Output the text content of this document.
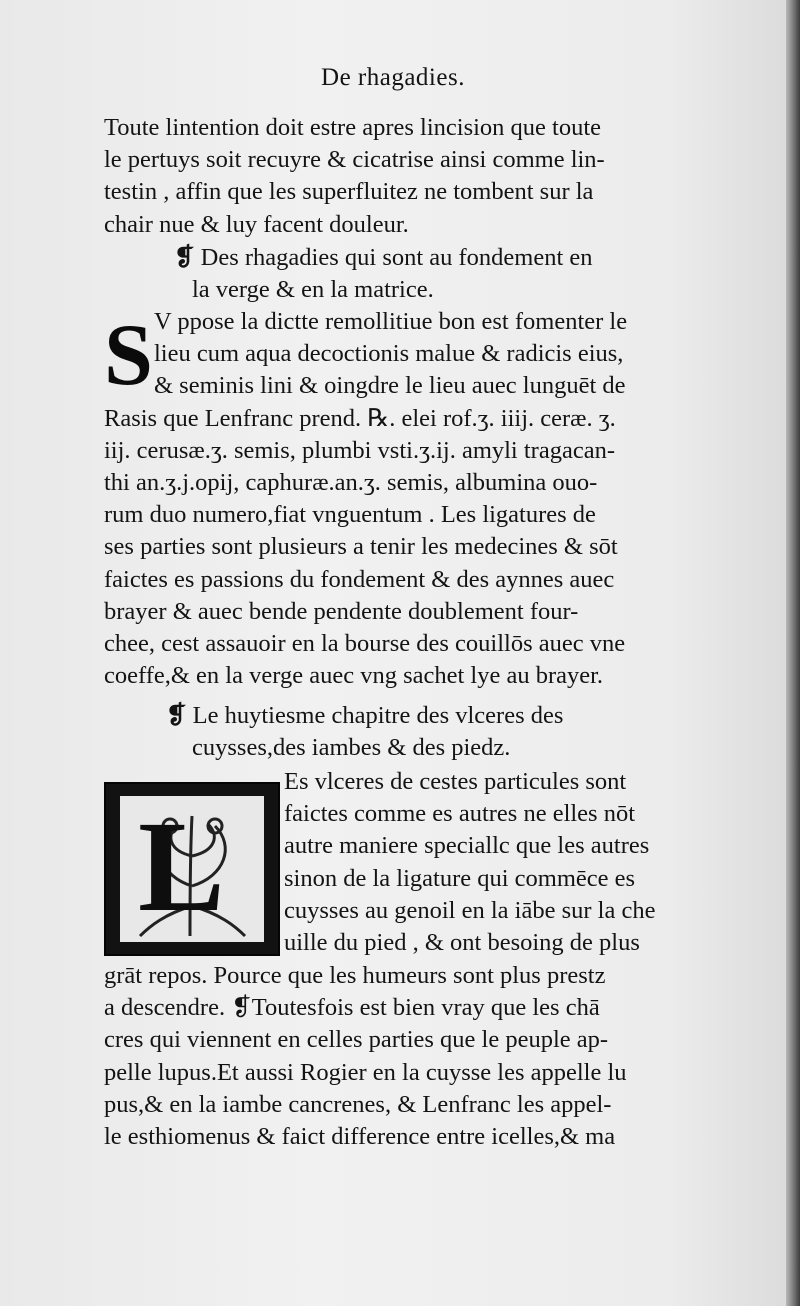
De rhagadies.
Toute lintention doit estre apres lincision que toute
le pertuys soit recuyre & cicatrise ainsi comme lin-
testin , affin que les superfluitez ne tombent sur la
chair nue & luy facent douleur.
❡ Des rhagadies qui sont au fondement en
la verge & en la matrice.
S V ppose la dictte remollitiue bon est fomenter le
lieu cum aqua decoctionis malue & radicis eius,
& seminis lini & oingdre le lieu auec lunguēt de
Rasis que Lenfranc prend. ℞. elei rof.ʒ. iiij. ceræ. ʒ.
iij. cerusæ.ʒ. semis, plumbi vsti.ʒ.ij. amyli tragacan-
thi an.ʒ.j.opij, caphuræ.an.ʒ. semis, albumina ouo-
rum duo numero,fiat vnguentum . Les ligatures de
ses parties sont plusieurs a tenir les medecines & sōt
faictes es passions du fondement & des aynnes auec
brayer & auec bende pendente doublement four-
chee, cest assauoir en la bourse des couillōs auec vne
coeffe,& en la verge auec vng sachet lye au brayer.
❡ Le huytiesme chapitre des vlceres des
cuysses,des iambes & des piedz.
L
Es vlceres de cestes particules sont
faictes comme es autres ne elles nōt
autre maniere speciallc que les autres
sinon de la ligature qui commēce es
cuysses au genoil en la iābe sur la che
uille du pied , & ont besoing de plus
grāt repos. Pource que les humeurs sont plus prestz
a descendre. ❡Toutesfois est bien vray que les chā
cres qui viennent en celles parties que le peuple ap-
pelle lupus.Et aussi Rogier en la cuysse les appelle lu
pus,& en la iambe cancrenes, & Lenfranc les appel-
le esthiomenus & faict difference entre icelles,& ma
